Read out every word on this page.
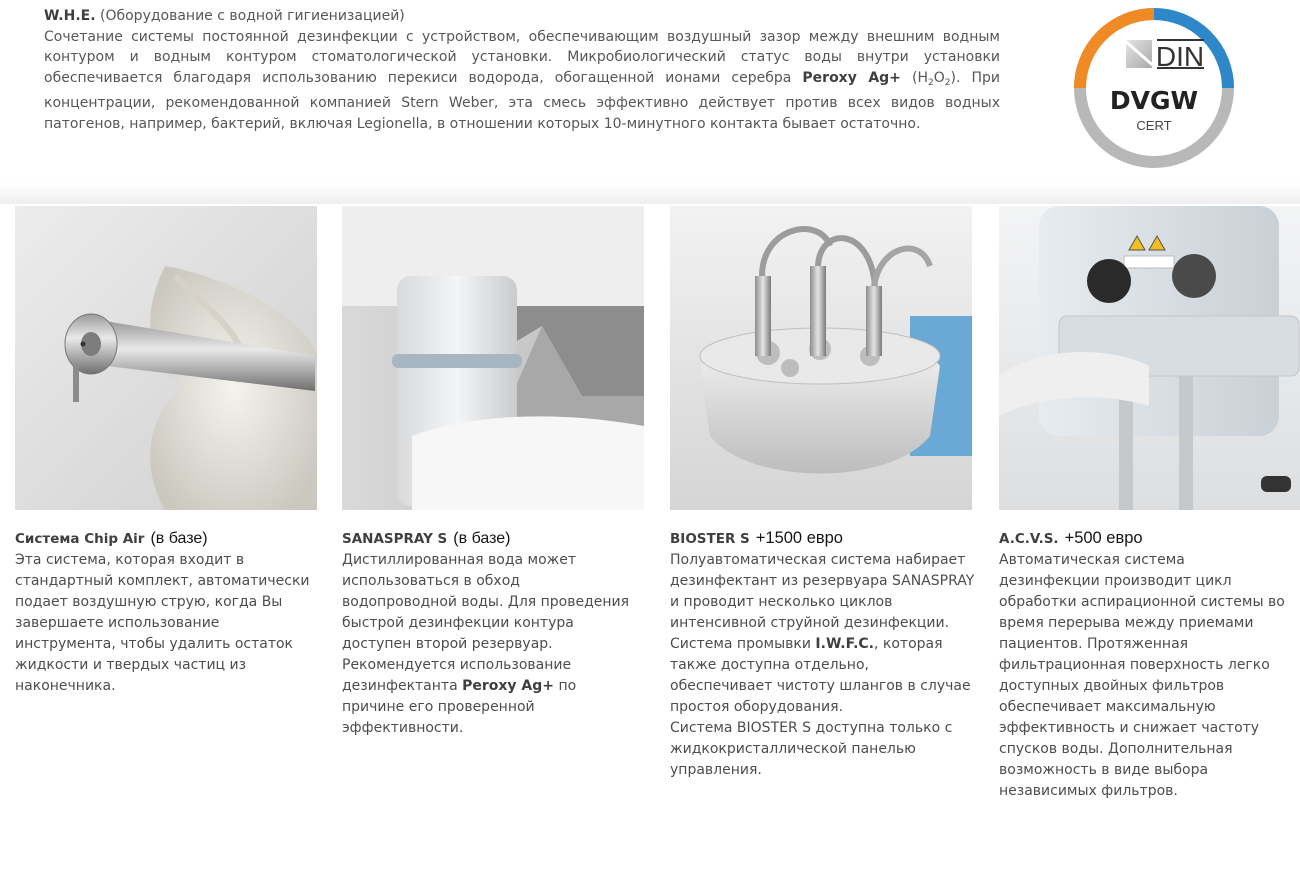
W.H.E. (Оборудование с водной гигиенизацией)

Сочетание системы постоянной дезинфекции с устройством, обеспечивающим воздушный зазор между внешним водным контуром и водным контуром стоматологической установки. Микробиологический статус воды внутри установки обеспечивается благодаря использованию перекиси водорода, обогащенной ионами серебра Peroxy $Ag+ (H_2O_2)$. При концентрации, рекомендованной компанией Stern Weber, эта смесь эффективно действует против всех видов водных патогенов, например, бактерий, включая Legionella, в отношении которых 10-минутного контакта бывает остаточно.

DIN
DVGW
CERT
Система Chip Air (в базе)

Эта система, которая входит в стандартный комплект, автоматически подает воздушную струю, когда Вы завершаете использование инструмента, чтобы удалить остаток жидкости и твердых частиц из наконечника.

SANASPRAY S (в базе)

Дистиллированная вода может использоваться в обход водопроводной воды. Для проведения быстрой дезинфекции контура доступен второй резервуар. Рекомендуется использование дезинфектанта Peroxy Ag+ по причине его проверенной эффективности.

BIOSTER S +1500 евро

Полуавтоматическая система набирает дезинфектант из резервуара SANASPRAY и проводит несколько циклов интенсивной струйной дезинфекции. Система промывки I.W.F.C., которая также доступна отдельно, обеспечивает чистоту шлангов в случае простоя оборудования.

Система BIOSTER S доступна только с жидкокристаллической панелью управления.

A.C.V.S. +500 евро

Автоматическая система дезинфекции производит цикл обработки аспирационной системы во время перерыва между приемами пациентов. Протяженная фильтрационная поверхность легко доступных двойных фильтров обеспечивает максимальную эффективность и снижает частоту спусков воды. Дополнительная возможность в виде выбора независимых фильтров.
